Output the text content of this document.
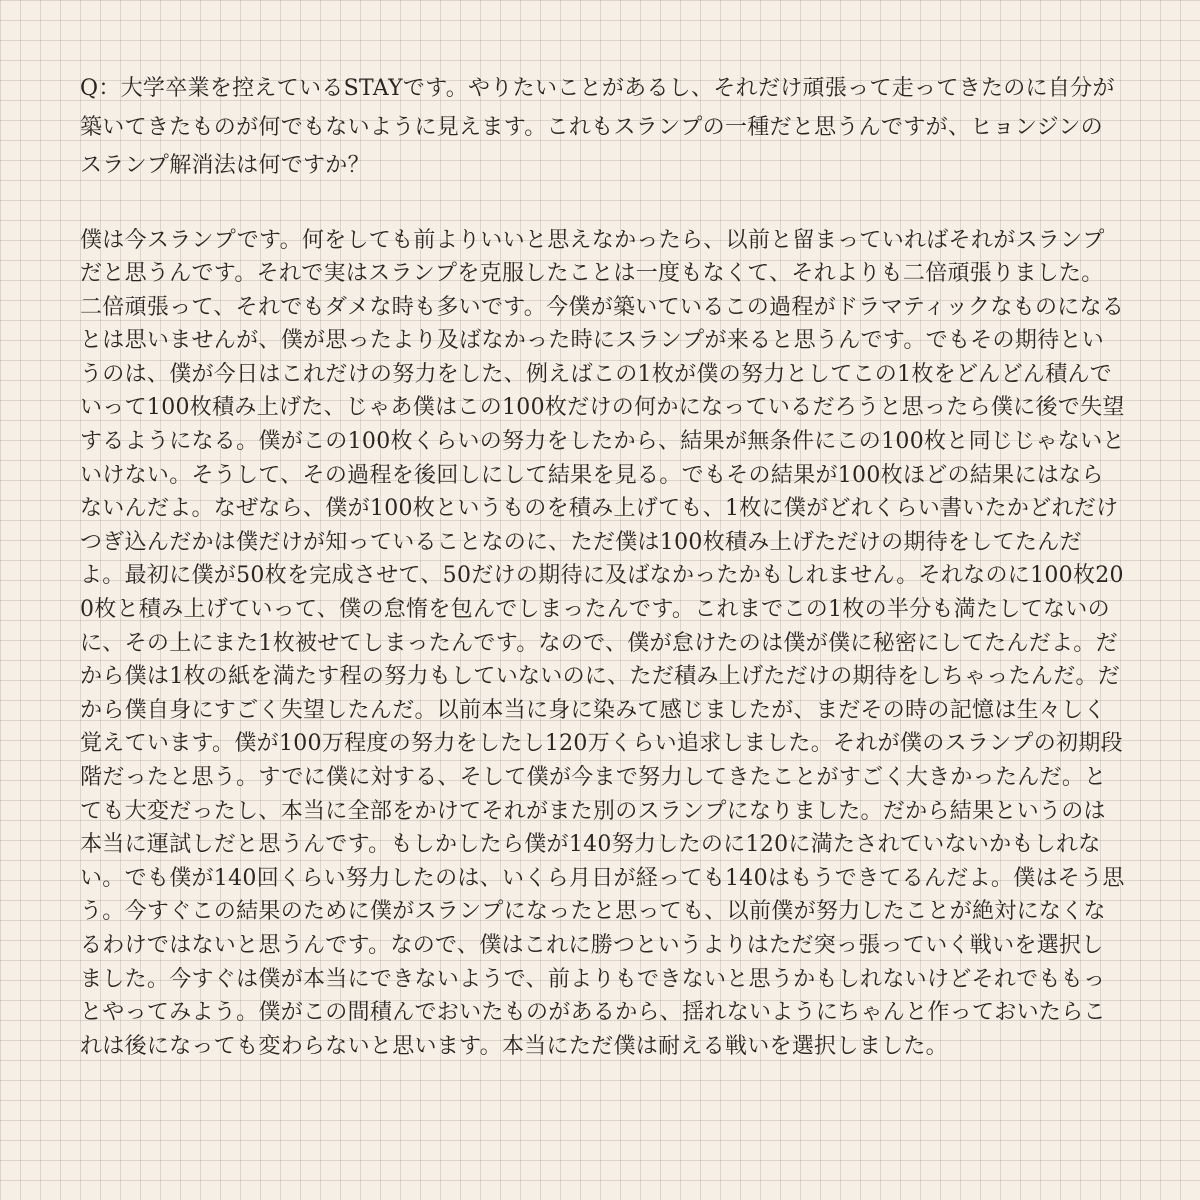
Q：大学卒業を控えているSTAYです。やりたいことがあるし、それだけ頑張って走ってきたのに自分が築いてきたものが何でもないように見えます。これもスランプの一種だと思うんですが、ヒョンジンのスランプ解消法は何ですか？

僕は今スランプです。何をしても前よりいいと思えなかったら、以前と留まっていればそれがスランプだと思うんです。それで実はスランプを克服したことは一度もなくて、それよりも二倍頑張りました。二倍頑張って、それでもダメな時も多いです。今僕が築いているこの過程がドラマティックなものになるとは思いませんが、僕が思ったより及ばなかった時にスランプが来ると思うんです。でもその期待というのは、僕が今日はこれだけの努力をした、例えばこの1枚が僕の努力としてこの1枚をどんどん積んでいって100枚積み上げた、じゃあ僕はこの100枚だけの何かになっているだろうと思ったら僕に後で失望するようになる。僕がこの100枚くらいの努力をしたから、結果が無条件にこの100枚と同じじゃないといけない。そうして、その過程を後回しにして結果を見る。でもその結果が100枚ほどの結果にはならないんだよ。なぜなら、僕が100枚というものを積み上げても、1枚に僕がどれくらい書いたかどれだけつぎ込んだかは僕だけが知っていることなのに、ただ僕は100枚積み上げただけの期待をしてたんだよ。最初に僕が50枚を完成させて、50だけの期待に及ばなかったかもしれません。それなのに100枚200枚と積み上げていって、僕の怠惰を包んでしまったんです。これまでこの1枚の半分も満たしてないのに、その上にまた1枚被せてしまったんです。なので、僕が怠けたのは僕が僕に秘密にしてたんだよ。だから僕は1枚の紙を満たす程の努力もしていないのに、ただ積み上げただけの期待をしちゃったんだ。だから僕自身にすごく失望したんだ。以前本当に身に染みて感じましたが、まだその時の記憶は生々しく覚えています。僕が100万程度の努力をしたし120万くらい追求しました。それが僕のスランプの初期段階だったと思う。すでに僕に対する、そして僕が今まで努力してきたことがすごく大きかったんだ。とても大変だったし、本当に全部をかけてそれがまた別のスランプになりました。だから結果というのは本当に運試しだと思うんです。もしかしたら僕が140努力したのに120に満たされていないかもしれない。でも僕が140回くらい努力したのは、いくら月日が経っても140はもうできてるんだよ。僕はそう思う。今すぐこの結果のために僕がスランプになったと思っても、以前僕が努力したことが絶対になくなるわけではないと思うんです。なので、僕はこれに勝つというよりはただ突っ張っていく戦いを選択しました。今すぐは僕が本当にできないようで、前よりもできないと思うかもしれないけどそれでももっとやってみよう。僕がこの間積んでおいたものがあるから、揺れないようにちゃんと作っておいたらこれは後になっても変わらないと思います。本当にただ僕は耐える戦いを選択しました。
